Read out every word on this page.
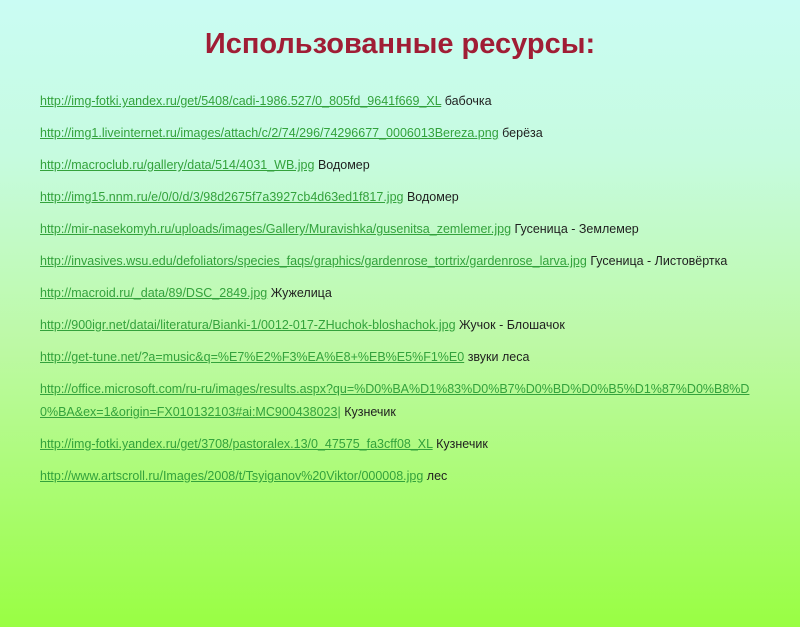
Использованные ресурсы:
http://img-fotki.yandex.ru/get/5408/cadi-1986.527/0_805fd_9641f669_XL бабочка
http://img1.liveinternet.ru/images/attach/c/2/74/296/74296677_0006013Bereza.png берёза
http://macroclub.ru/gallery/data/514/4031_WB.jpg Водомер
http://img15.nnm.ru/e/0/0/d/3/98d2675f7a3927cb4d63ed1f817.jpg Водомер
http://mir-nasekomyh.ru/uploads/images/Gallery/Muravishka/gusenitsa_zemlemer.jpg Гусеница - Землемер
http://invasives.wsu.edu/defoliators/species_faqs/graphics/gardenrose_tortrix/gardenrose_larva.jpg Гусеница - Листовёртка
http://macroid.ru/_data/89/DSC_2849.jpg Жужелица
http://900igr.net/datai/literatura/Bianki-1/0012-017-ZHuchok-bloshachok.jpg Жучок - Блошачок
http://get-tune.net/?a=music&q=%E7%E2%F3%EA%E8+%EB%E5%F1%E0 звуки леса
http://office.microsoft.com/ru-ru/images/results.aspx?qu=%D0%BA%D1%83%D0%B7%D0%BD%D0%B5%D1%87%D0%B8%D0%BA&ex=1&origin=FX010132103#ai:MC900438023| Кузнечик
http://img-fotki.yandex.ru/get/3708/pastoralex.13/0_47575_fa3cff08_XL Кузнечик
http://www.artscroll.ru/Images/2008/t/Tsyiganov%20Viktor/000008.jpg лес
